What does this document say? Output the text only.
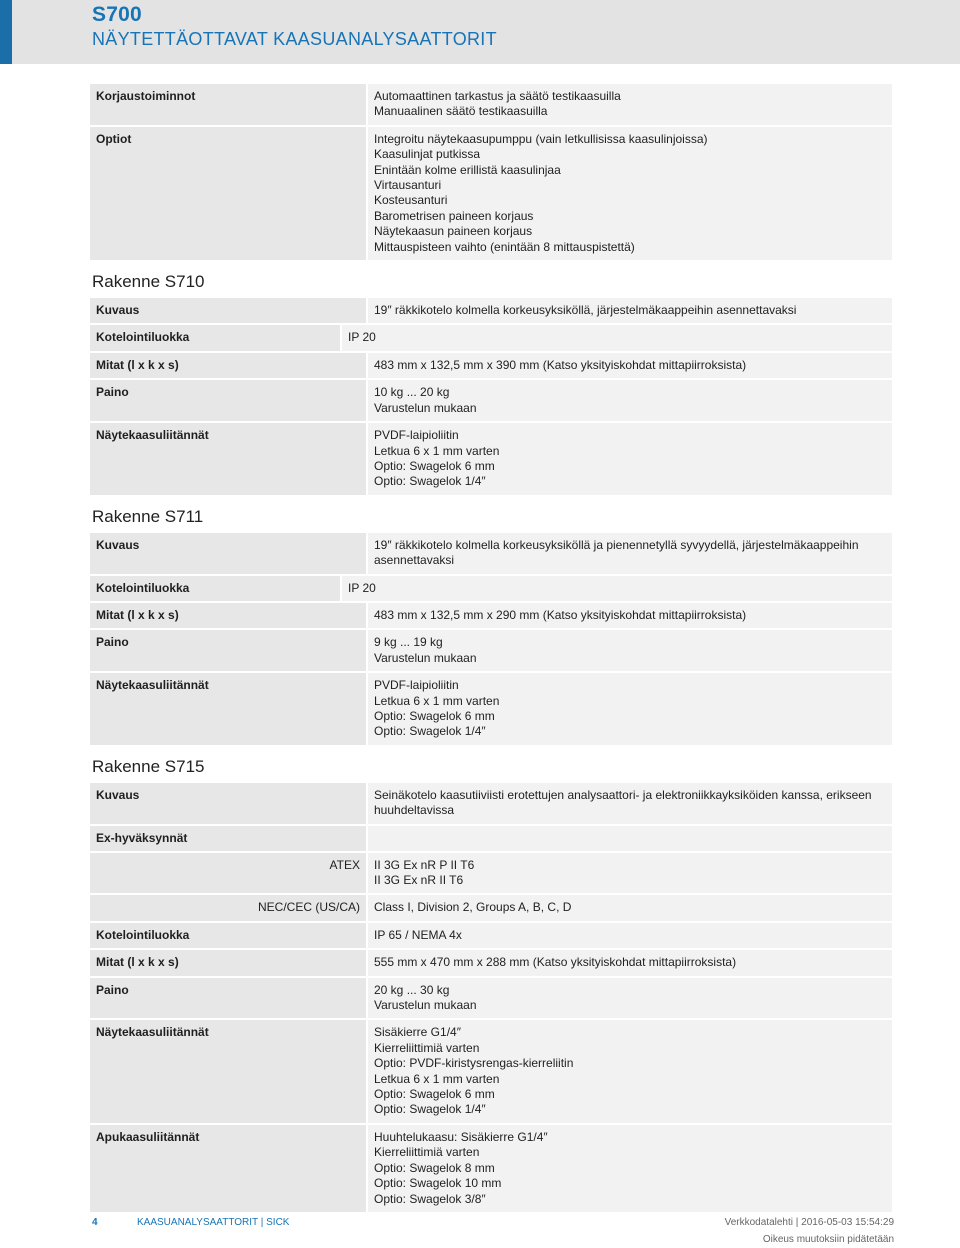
S700
NÄYTETTÄOTTAVAT KAASUANALYSAATTORIT
Korjaustoiminnot	Automaattinen tarkastus ja säätö testikaasuilla
Manuaalinen säätö testikaasuilla
Optiot	Integroitu näytekaasupumppu (vain letkullisissa kaasulinjoissa)
Kaasulinjat putkissa
Enintään kolme erillistä kaasulinjaa
Virtausanturi
Kosteusanturi
Barometrisen paineen korjaus
Näytekaasun paineen korjaus
Mittauspisteen vaihto (enintään 8 mittauspistettä)
Rakenne S710
Kuvaus	19″ räkkikotelo kolmella korkeusyksiköllä, järjestelmäkaappeihin asennettavaksi
Kotelointiluokka	IP 20
Mitat (l x k x s)	483 mm x 132,5 mm x 390 mm (Katso yksityiskohdat mittapiirroksista)
Paino	10 kg ... 20 kg
Varustelun mukaan
Näytekaasuliitännät	PVDF-laipioliitin
Letkua 6 x 1 mm varten
Optio: Swagelok 6 mm
Optio: Swagelok 1/4″
Rakenne S711
Kuvaus	19″ räkkikotelo kolmella korkeusyksiköllä ja pienennetyllä syvyydellä, järjestelmäkaappeihin
asennettavaksi
Kotelointiluokka	IP 20
Mitat (l x k x s)	483 mm x 132,5 mm x 290 mm (Katso yksityiskohdat mittapiirroksista)
Paino	9 kg ... 19 kg
Varustelun mukaan
Näytekaasuliitännät	PVDF-laipioliitin
Letkua 6 x 1 mm varten
Optio: Swagelok 6 mm
Optio: Swagelok 1/4″
Rakenne S715
Kuvaus	Seinäkotelo kaasutiiviisti erotettujen analysaattori- ja elektroniikkayksiköiden kanssa, erikseen
huuhdeltavissa
Ex-hyväksynnät
ATEX	II 3G Ex nR P II T6
II 3G Ex nR II T6
NEC/CEC (US/CA)	Class I, Division 2, Groups A, B, C, D
Kotelointiluokka	IP 65 / NEMA 4x
Mitat (l x k x s)	555 mm x 470 mm x 288 mm (Katso yksityiskohdat mittapiirroksista)
Paino	20 kg ... 30 kg
Varustelun mukaan
Näytekaasuliitännät	Sisäkierre G1/4″
Kierreliittimiä varten
Optio: PVDF-kiristysrengas-kierreliitin
Letkua 6 x 1 mm varten
Optio: Swagelok 6 mm
Optio: Swagelok 1/4″
Apukaasuliitännät	Huuhtelukaasu: Sisäkierre G1/4″
Kierreliittimiä varten
Optio: Swagelok 8 mm
Optio: Swagelok 10 mm
Optio: Swagelok 3/8″
4	KAASUANALYSAATTORIT | SICK	Verkkodatalehti | 2016-05-03 15:54:29
Oikeus muutoksiin pidätetään
